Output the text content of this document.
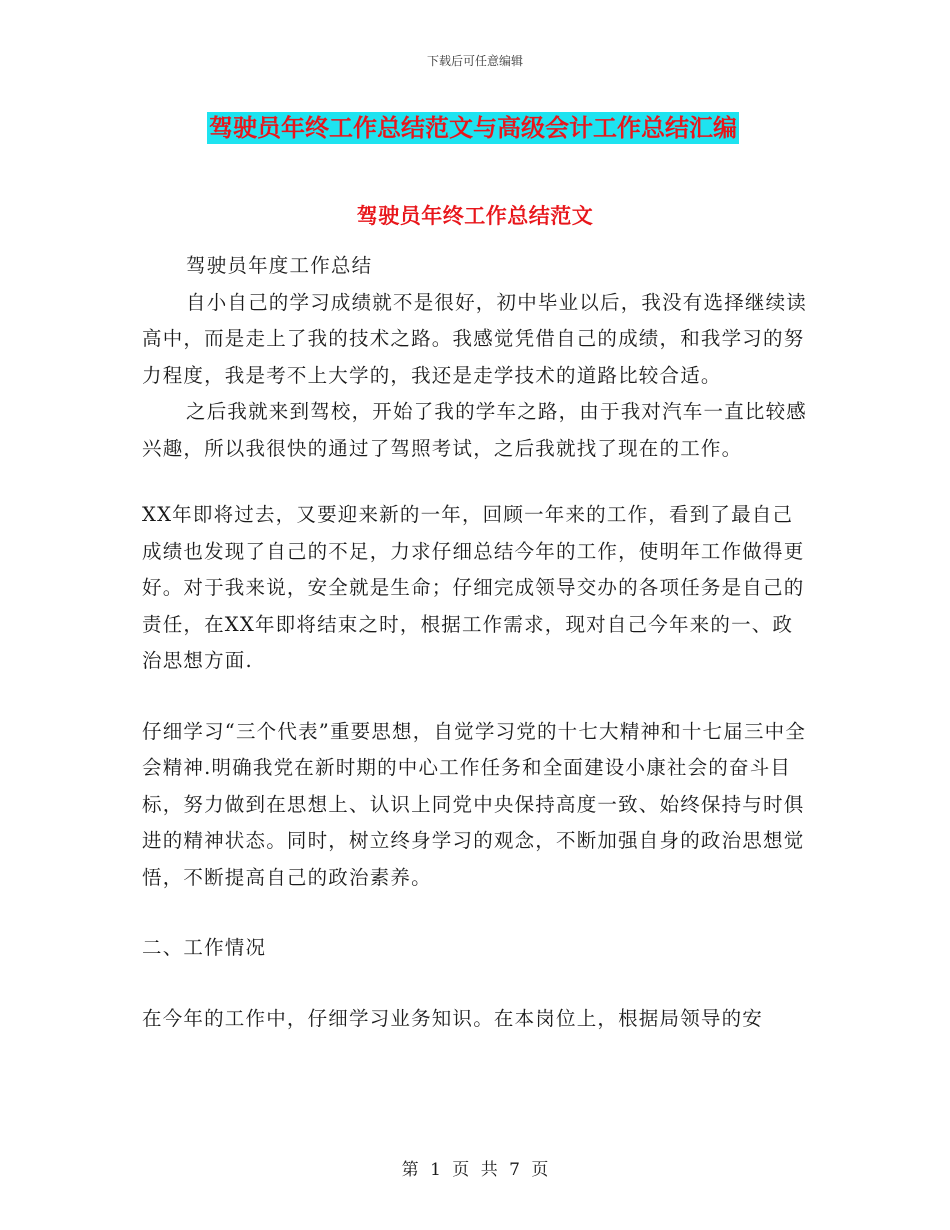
下载后可任意编辑
驾驶员年终工作总结范文与高级会计工作总结汇编
驾驶员年终工作总结范文

驾驶员年度工作总结

自小自己的学习成绩就不是很好，初中毕业以后，我没有选择继续读高中，而是走上了我的技术之路。我感觉凭借自己的成绩，和我学习的努力程度，我是考不上大学的，我还是走学技术的道路比较合适。

之后我就来到驾校，开始了我的学车之路，由于我对汽车一直比较感兴趣，所以我很快的通过了驾照考试，之后我就找了现在的工作。

XX年即将过去，又要迎来新的一年，回顾一年来的工作，看到了最自己成绩也发现了自己的不足，力求仔细总结今年的工作，使明年工作做得更好。对于我来说，安全就是生命；仔细完成领导交办的各项任务是自己的责任，在XX年即将结束之时，根据工作需求，现对自己今年来的一、政治思想方面.

仔细学习“三个代表”重要思想，自觉学习党的十七大精神和十七届三中全会精神.明确我党在新时期的中心工作任务和全面建设小康社会的奋斗目标，努力做到在思想上、认识上同党中央保持高度一致、始终保持与时俱进的精神状态。同时，树立终身学习的观念，不断加强自身的政治思想觉悟，不断提高自己的政治素养。

二、工作情况

在今年的工作中，仔细学习业务知识。在本岗位上，根据局领导的安

第 1 页 共 7 页
